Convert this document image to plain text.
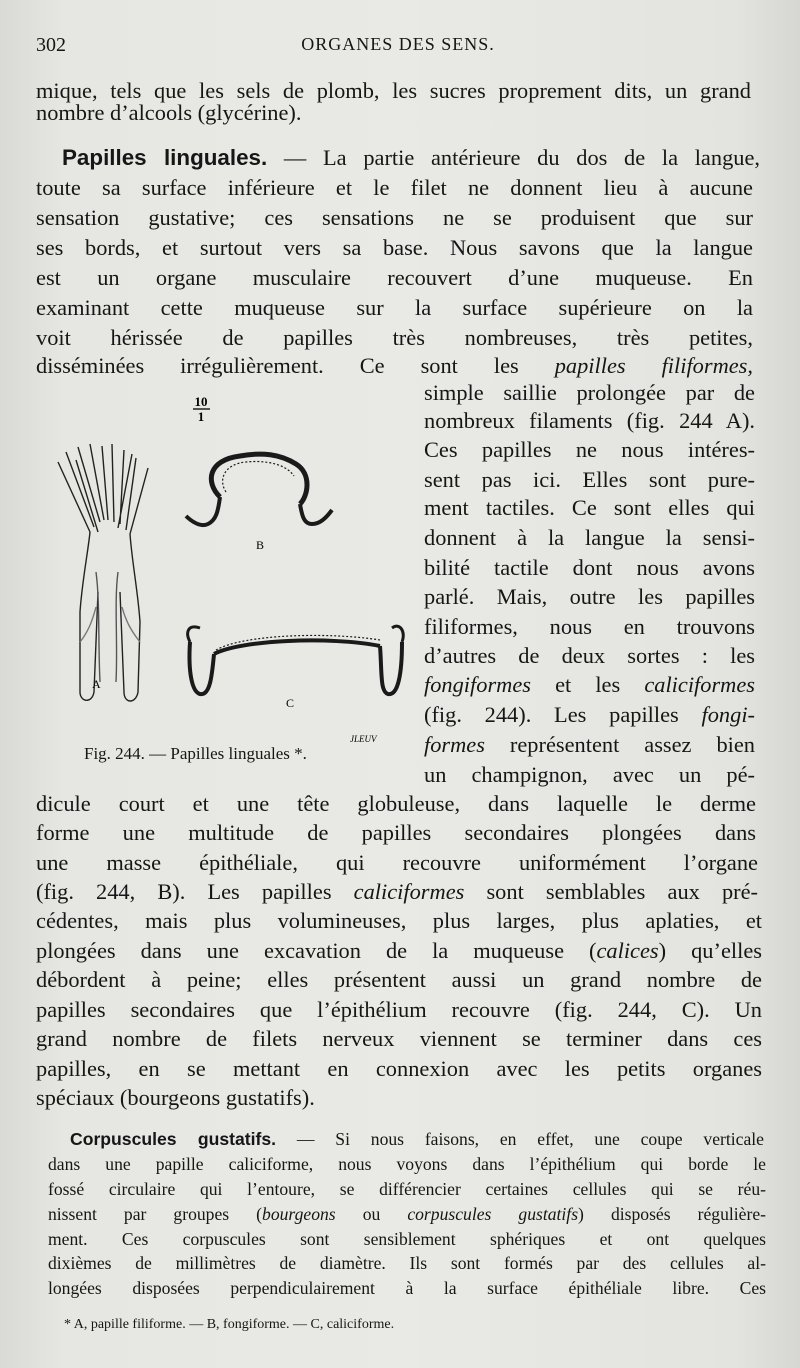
302	ORGANES DES SENS.
mique, tels que les sels de plomb, les sucres proprement dits, un grand
nombre d’alcools (glycérine).
Papilles linguales. — La partie antérieure du dos de la langue,
toute sa surface inférieure et le filet ne donnent lieu à aucune
sensation gustative; ces sensations ne se produisent que sur
ses bords, et surtout vers sa base. Nous savons que la langue
est un organe musculaire recouvert d’une muqueuse. En
examinant cette muqueuse sur la surface supérieure on la
voit hérissée de papilles très nombreuses, très petites,
disséminées irrégulièrement. Ce sont les papilles filiformes,
simple saillie prolongée par de
nombreux filaments (fig. 244 A).
Ces papilles ne nous intéres-
sent pas ici. Elles sont pure-
ment tactiles. Ce sont elles qui
donnent à la langue la sensi-
bilité tactile dont nous avons
parlé. Mais, outre les papilles
filiformes, nous en trouvons
d’autres de deux sortes : les
fongiformes et les caliciformes
(fig. 244). Les papilles fongi-
formes représentent assez bien
un champignon, avec un pé-
dicule court et une tête globuleuse, dans laquelle le derme
forme une multitude de papilles secondaires plongées dans
une masse épithéliale, qui recouvre uniformément l’organe
(fig. 244, B). Les papilles caliciformes sont semblables aux pré-
cédentes, mais plus volumineuses, plus larges, plus aplaties, et
plongées dans une excavation de la muqueuse (calices) qu’elles
débordent à peine; elles présentent aussi un grand nombre de
papilles secondaires que l’épithélium recouvre (fig. 244, C). Un
grand nombre de filets nerveux viennent se terminer dans ces
papilles, en se mettant en connexion avec les petits organes
spéciaux (bourgeons gustatifs).
Corpuscules gustatifs. — Si nous faisons, en effet, une coupe verticale
dans une papille caliciforme, nous voyons dans l’épithélium qui borde le
fossé circulaire qui l’entoure, se différencier certaines cellules qui se réu-
nissent par groupes (bourgeons ou corpuscules gustatifs) disposés régulière-
ment. Ces corpuscules sont sensiblement sphériques et ont quelques
dixièmes de millimètres de diamètre. Ils sont formés par des cellules al-
longées disposées perpendiculairement à la surface épithéliale libre. Ces
* A, papille filiforme. — B, fongiforme. — C, caliciforme.
10
1
B
A
C
JLEUV
Fig. 244. — Papilles linguales *.
